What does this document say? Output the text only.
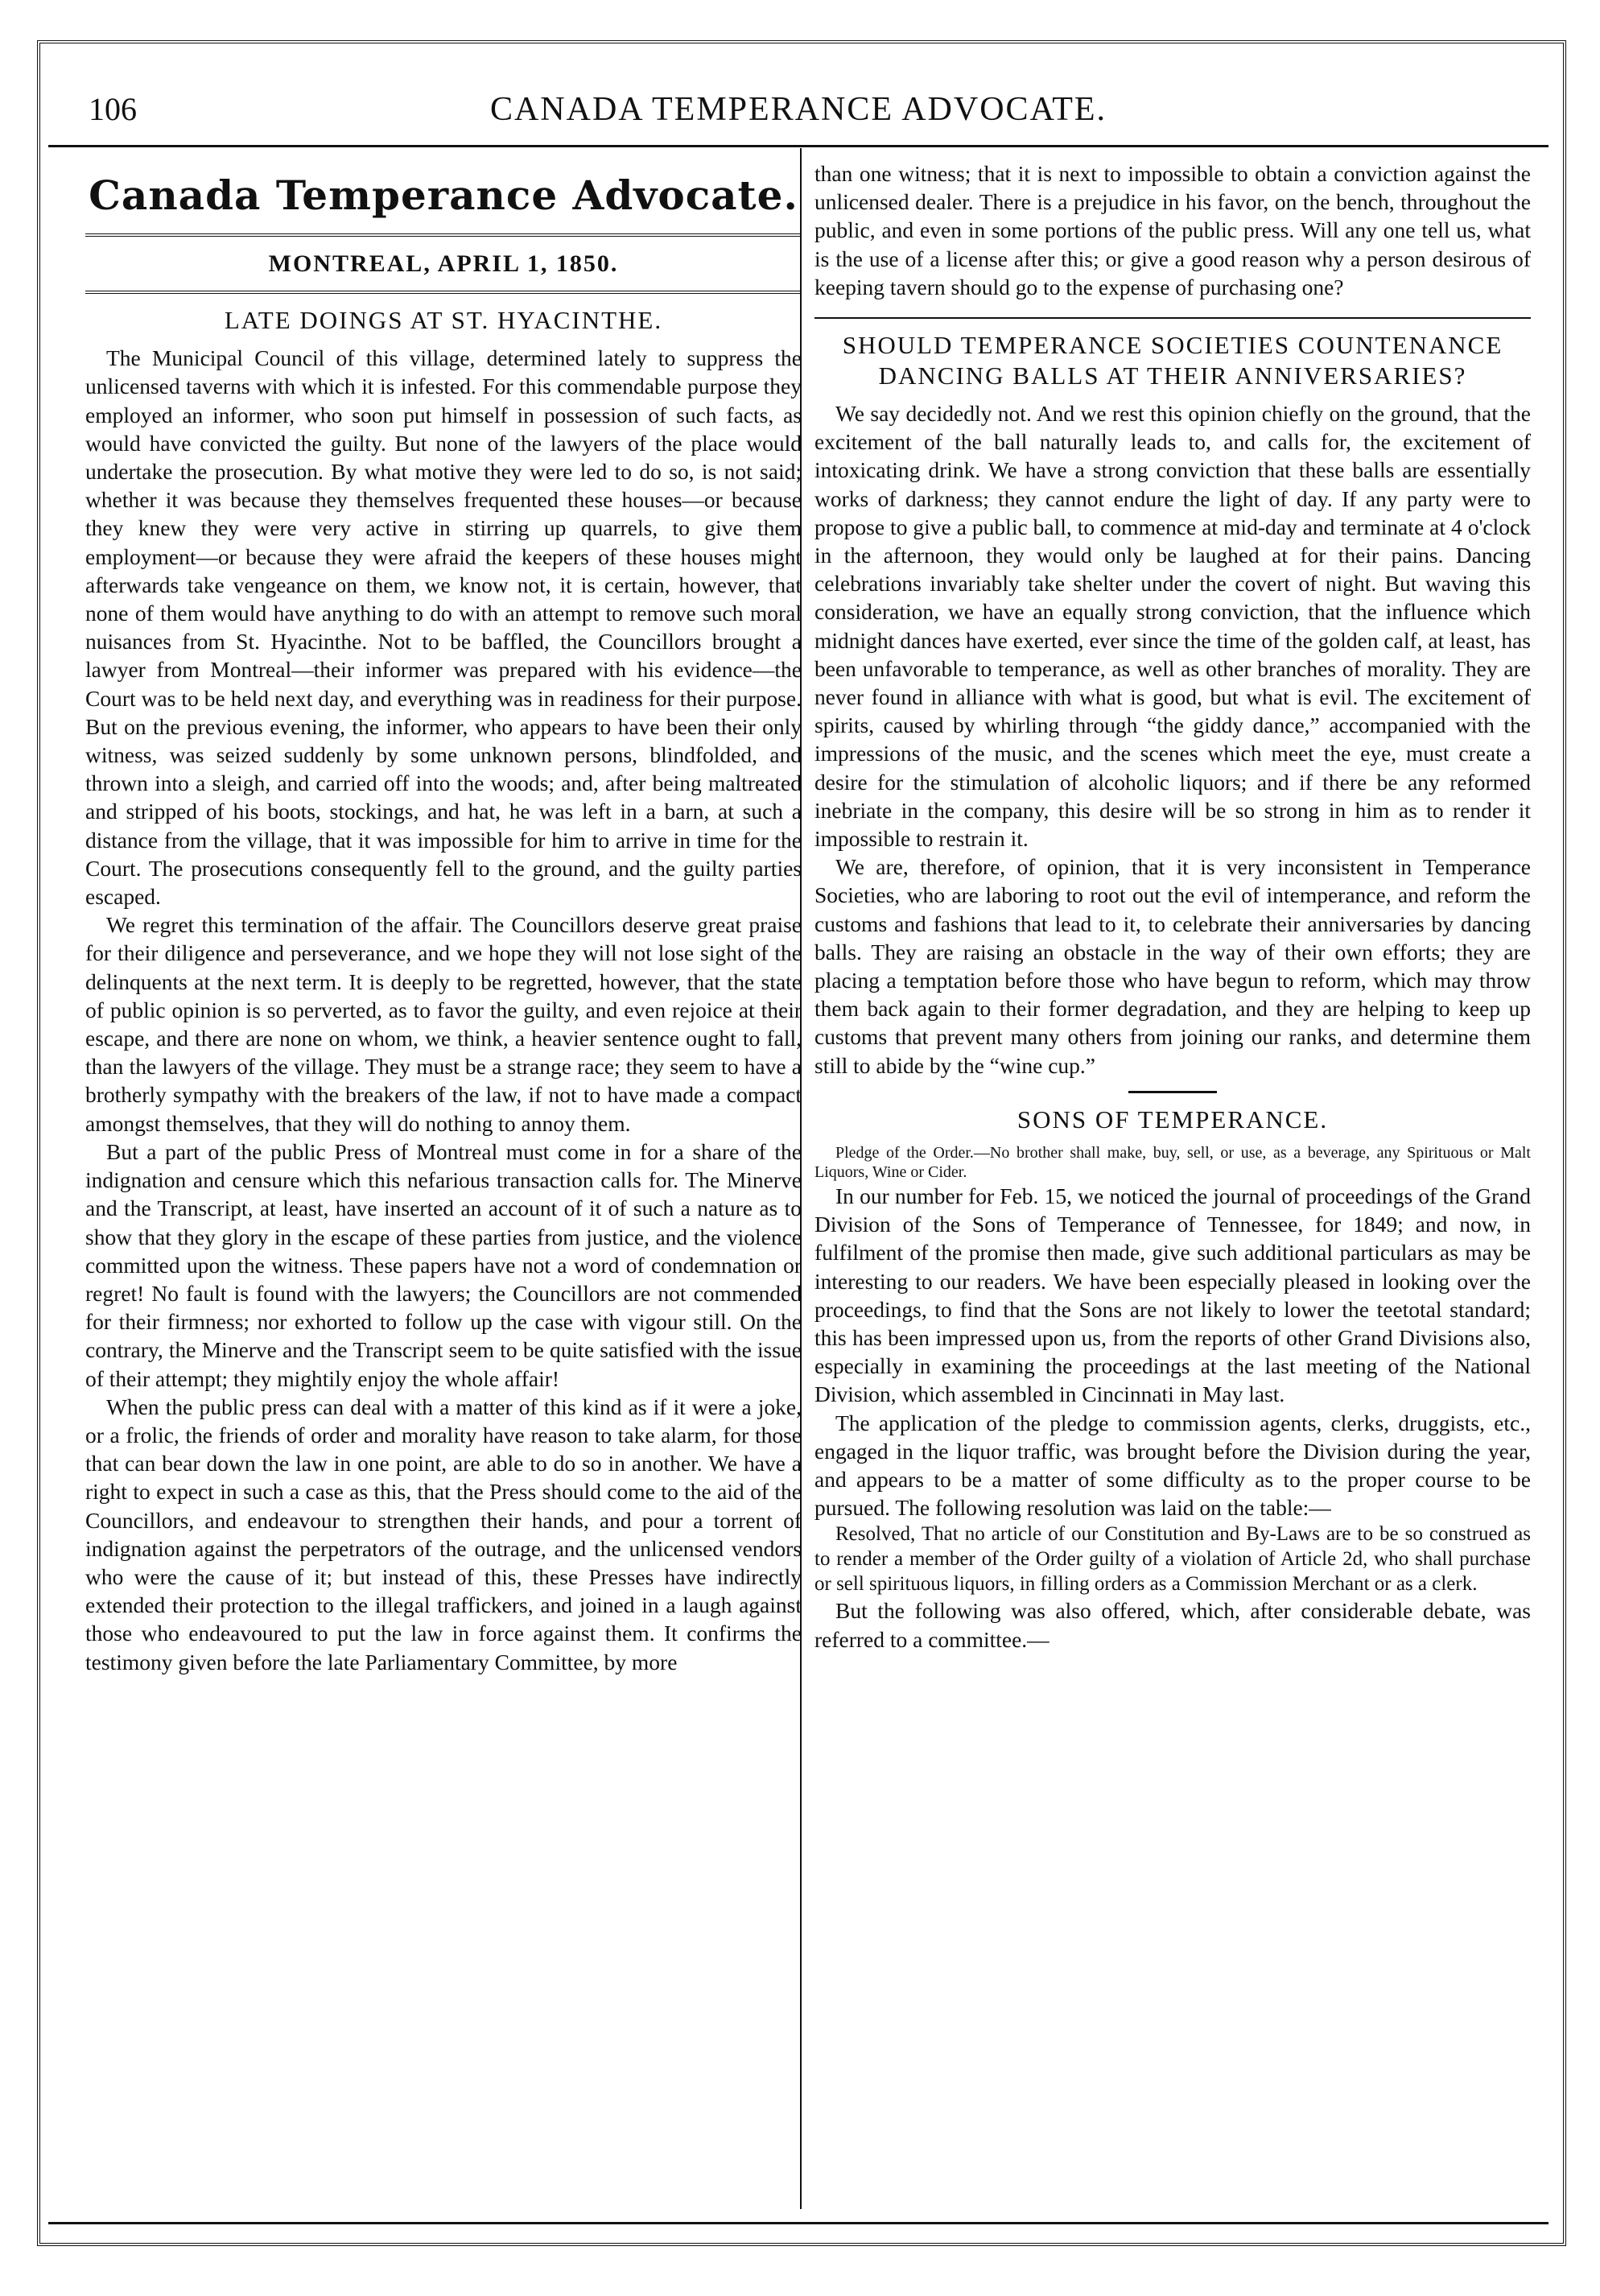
106	CANADA TEMPERANCE ADVOCATE.
Canada Temperance Advocate.
MONTREAL, APRIL 1, 1850.
LATE DOINGS AT ST. HYACINTHE.

The Municipal Council of this village, determined lately to suppress the unlicensed taverns with which it is infested. For this commendable purpose they employed an informer, who soon put himself in possession of such facts, as would have convicted the guilty. But none of the lawyers of the place would undertake the prosecution. By what motive they were led to do so, is not said; whether it was because they themselves frequented these houses—or because they knew they were very active in stirring up quarrels, to give them employment—or because they were afraid the keepers of these houses might afterwards take vengeance on them, we know not, it is certain, however, that none of them would have anything to do with an attempt to remove such moral nuisances from St. Hyacinthe. Not to be baffled, the Councillors brought a lawyer from Montreal—their informer was prepared with his evidence—the Court was to be held next day, and everything was in readiness for their purpose. But on the previous evening, the informer, who appears to have been their only witness, was seized suddenly by some unknown persons, blindfolded, and thrown into a sleigh, and carried off into the woods; and, after being maltreated and stripped of his boots, stockings, and hat, he was left in a barn, at such a distance from the village, that it was impossible for him to arrive in time for the Court. The prosecutions consequently fell to the ground, and the guilty parties escaped.

We regret this termination of the affair. The Councillors deserve great praise for their diligence and perseverance, and we hope they will not lose sight of the delinquents at the next term. It is deeply to be regretted, however, that the state of public opinion is so perverted, as to favor the guilty, and even rejoice at their escape, and there are none on whom, we think, a heavier sentence ought to fall, than the lawyers of the village. They must be a strange race; they seem to have a brotherly sympathy with the breakers of the law, if not to have made a compact amongst themselves, that they will do nothing to annoy them.

But a part of the public Press of Montreal must come in for a share of the indignation and censure which this nefarious transaction calls for. The Minerve and the Transcript, at least, have inserted an account of it of such a nature as to show that they glory in the escape of these parties from justice, and the violence committed upon the witness. These papers have not a word of condemnation or regret! No fault is found with the lawyers; the Councillors are not commended for their firmness; nor exhorted to follow up the case with vigour still. On the contrary, the Minerve and the Transcript seem to be quite satisfied with the issue of their attempt; they mightily enjoy the whole affair!

When the public press can deal with a matter of this kind as if it were a joke, or a frolic, the friends of order and morality have reason to take alarm, for those that can bear down the law in one point, are able to do so in another. We have a right to expect in such a case as this, that the Press should come to the aid of the Councillors, and endeavour to strengthen their hands, and pour a torrent of indignation against the perpetrators of the outrage, and the unlicensed vendors who were the cause of it; but instead of this, these Presses have indirectly extended their protection to the illegal traffickers, and joined in a laugh against those who endeavoured to put the law in force against them. It confirms the testimony given before the late Parliamentary Committee, by more

than one witness; that it is next to impossible to obtain a conviction against the unlicensed dealer. There is a prejudice in his favor, on the bench, throughout the public, and even in some portions of the public press. Will any one tell us, what is the use of a license after this; or give a good reason why a person desirous of keeping tavern should go to the expense of purchasing one?

SHOULD TEMPERANCE SOCIETIES COUNTENANCE DANCING BALLS AT THEIR ANNIVERSARIES?

We say decidedly not. And we rest this opinion chiefly on the ground, that the excitement of the ball naturally leads to, and calls for, the excitement of intoxicating drink. We have a strong conviction that these balls are essentially works of darkness; they cannot endure the light of day. If any party were to propose to give a public ball, to commence at mid-day and terminate at 4 o'clock in the afternoon, they would only be laughed at for their pains. Dancing celebrations invariably take shelter under the covert of night. But waving this consideration, we have an equally strong conviction, that the influence which midnight dances have exerted, ever since the time of the golden calf, at least, has been unfavorable to temperance, as well as other branches of morality. They are never found in alliance with what is good, but what is evil. The excitement of spirits, caused by whirling through “the giddy dance,” accompanied with the impressions of the music, and the scenes which meet the eye, must create a desire for the stimulation of alcoholic liquors; and if there be any reformed inebriate in the company, this desire will be so strong in him as to render it impossible to restrain it.

We are, therefore, of opinion, that it is very inconsistent in Temperance Societies, who are laboring to root out the evil of intemperance, and reform the customs and fashions that lead to it, to celebrate their anniversaries by dancing balls. They are raising an obstacle in the way of their own efforts; they are placing a temptation before those who have begun to reform, which may throw them back again to their former degradation, and they are helping to keep up customs that prevent many others from joining our ranks, and determine them still to abide by the “wine cup.”

SONS OF TEMPERANCE.

Pledge of the Order.—No brother shall make, buy, sell, or use, as a beverage, any Spirituous or Malt Liquors, Wine or Cider.

In our number for Feb. 15, we noticed the journal of proceedings of the Grand Division of the Sons of Temperance of Tennessee, for 1849; and now, in fulfilment of the promise then made, give such additional particulars as may be interesting to our readers. We have been especially pleased in looking over the proceedings, to find that the Sons are not likely to lower the teetotal standard; this has been impressed upon us, from the reports of other Grand Divisions also, especially in examining the proceedings at the last meeting of the National Division, which assembled in Cincinnati in May last.

The application of the pledge to commission agents, clerks, druggists, etc., engaged in the liquor traffic, was brought before the Division during the year, and appears to be a matter of some difficulty as to the proper course to be pursued. The following resolution was laid on the table:—

Resolved, That no article of our Constitution and By-Laws are to be so construed as to render a member of the Order guilty of a violation of Article 2d, who shall purchase or sell spirituous liquors, in filling orders as a Commission Merchant or as a clerk.

But the following was also offered, which, after considerable debate, was referred to a committee.—
